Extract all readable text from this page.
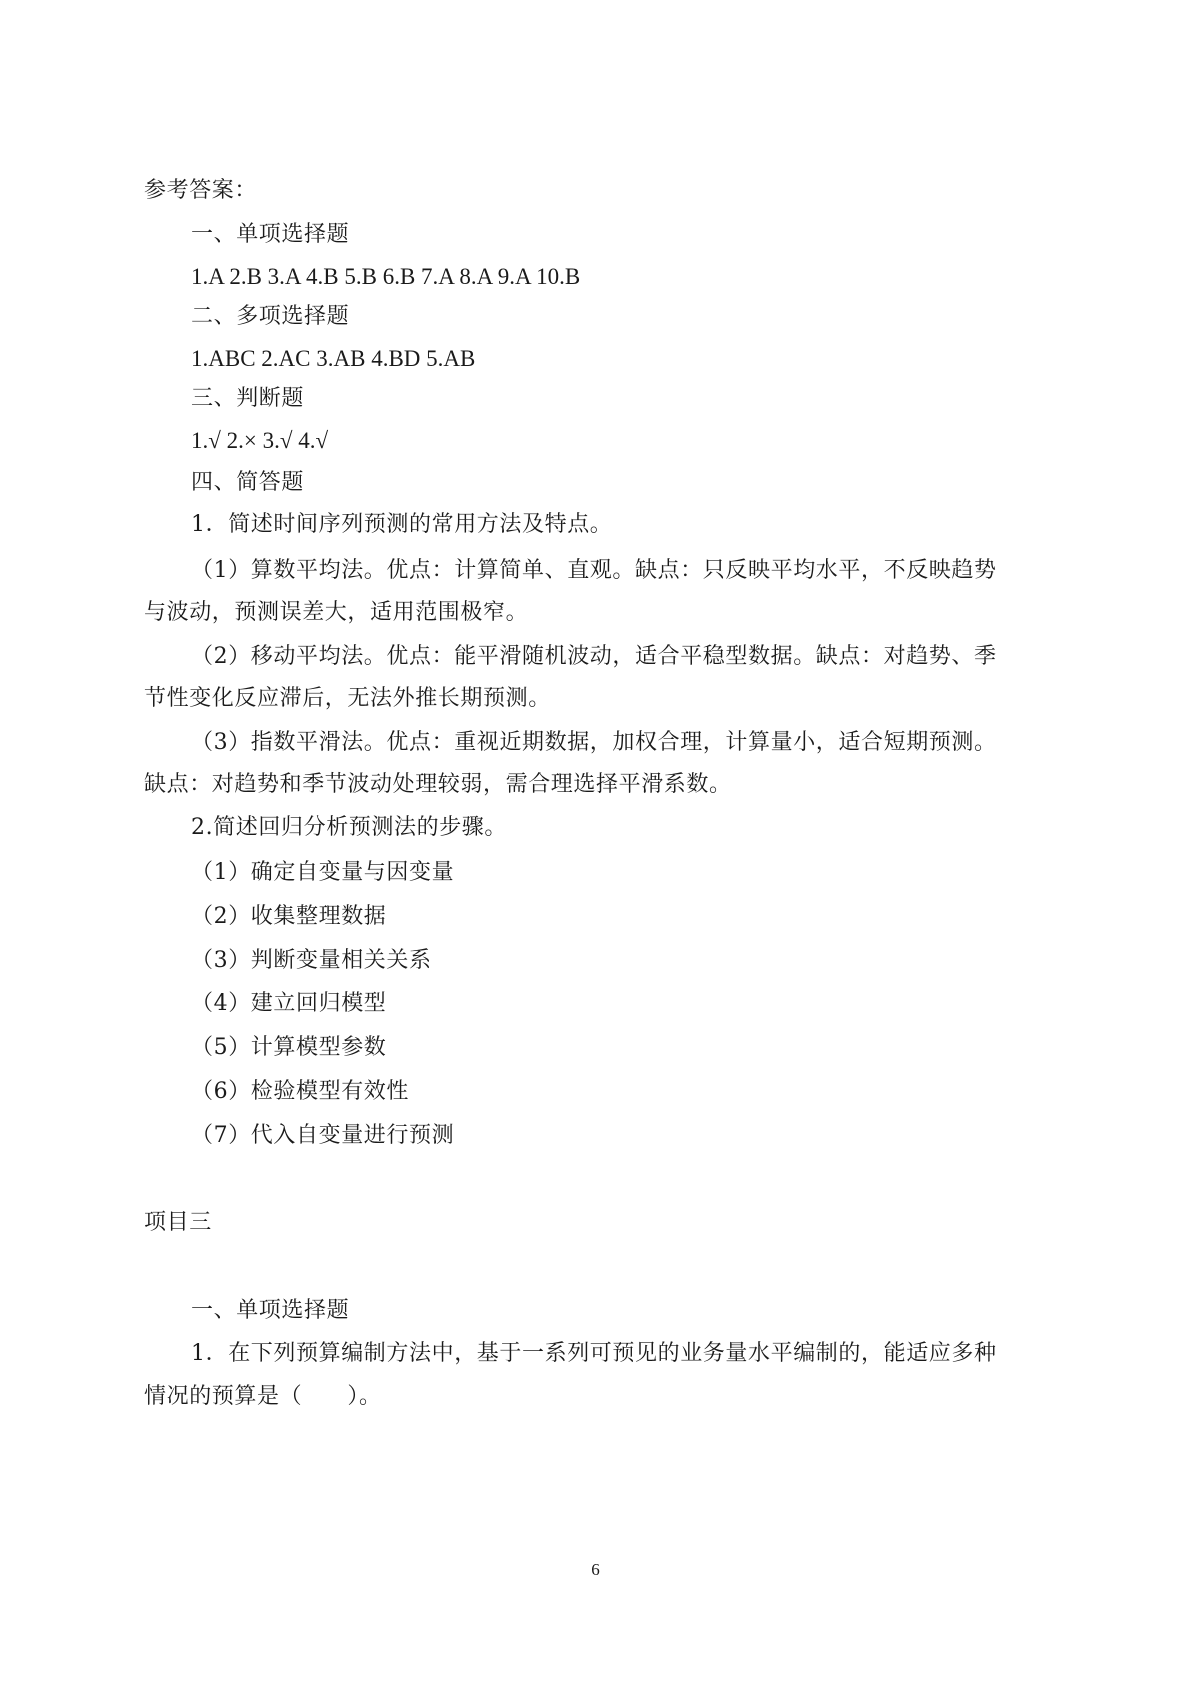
参考答案：
一、单项选择题
1.A 2.B 3.A 4.B 5.B 6.B 7.A 8.A 9.A 10.B
二、多项选择题
1.ABC 2.AC 3.AB 4.BD 5.AB
三、判断题
1.√ 2.× 3.√ 4.√
四、简答题
1．简述时间序列预测的常用方法及特点。
（1）算数平均法。优点：计算简单、直观。缺点：只反映平均水平，不反映趋势
与波动，预测误差大，适用范围极窄。
（2）移动平均法。优点：能平滑随机波动，适合平稳型数据。缺点：对趋势、季
节性变化反应滞后，无法外推长期预测。
（3）指数平滑法。优点：重视近期数据，加权合理，计算量小，适合短期预测。
缺点：对趋势和季节波动处理较弱，需合理选择平滑系数。
2.简述回归分析预测法的步骤。
（1）确定自变量与因变量
（2）收集整理数据
（3）判断变量相关关系
（4）建立回归模型
（5）计算模型参数
（6）检验模型有效性
（7）代入自变量进行预测
项目三
一、单项选择题
1．在下列预算编制方法中，基于一系列可预见的业务量水平编制的，能适应多种
情况的预算是（　　）。
6
